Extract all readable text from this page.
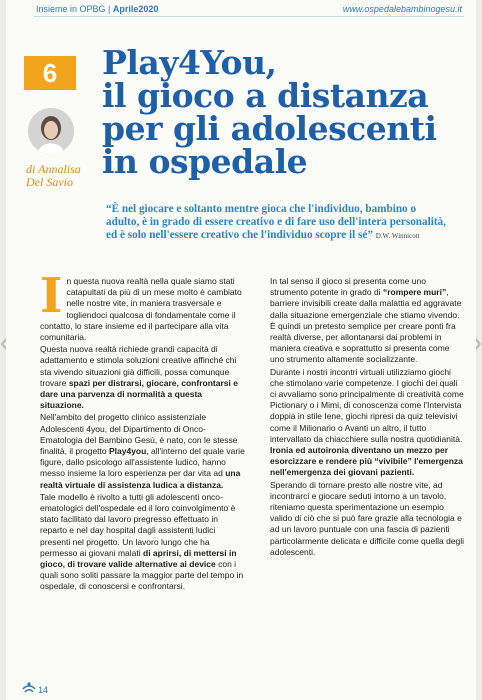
Insieme in OPBG | Aprile2020	www.ospedalebambinogesu.it
6
di Annalisa
Del Savio
Play4You,
il gioco a distanza
per gli adolescenti
in ospedale
“È nel giocare e soltanto mentre gioca che l'individuo, bambino o adulto, è in grado di essere creativo e di fare uso dell'intera personalità, ed è solo nell'essere creativo che l'individuo scopre il sé” D.W. Winnicott

I n questa nuova realtà nella quale siamo stati catapultati da più di un mese molto è cambiato nelle nostre vite, in maniera trasversale e togliendoci qualcosa di fondamentale come il contatto, lo stare insieme ed il partecipare alla vita comunitaria.

Questa nuova realtà richiede grandi capacità di adattamento e stimola soluzioni creative affinché chi sta vivendo situazioni già difficili, possa comunque trovare spazi per distrarsi, giocare, confrontarsi e dare una parvenza di normalità a questa situazione.

Nell'ambito del progetto clinico assistenziale Adolescenti 4you, del Dipartimento di Onco-Ematologia del Bambino Gesù, è nato, con le stesse finalità, il progetto Play4you, all'interno del quale varie figure, dallo psicologo all'assistente ludico, hanno messo insieme la loro esperienza per dar vita ad una realtà virtuale di assistenza ludica a distanza.

Tale modello è rivolto a tutti gli adolescenti onco-ematologici dell'ospedale ed il loro coinvolgimento è stato facilitato dal lavoro pregresso effettuato in reparto e nel day hospital dagli assistenti ludici presenti nel progetto. Un lavoro lungo che ha permesso ai giovani malati di aprirsi, di mettersi in gioco, di trovare valide alternative ai device con i quali sono soliti passare la maggior parte del tempo in ospedale, di conoscersi e confrontarsi.

In tal senso il gioco si presenta come uno strumento potente in grado di “rompere muri”, barriere invisibili create dalla malattia ed aggravate dalla situazione emergenziale che stiamo vivendo. È quindi un pretesto semplice per creare ponti fra realtà diverse, per allontanarsi dai problemi in maniera creativa e soprattutto si presenta come uno strumento altamente socializzante.

Durante i nostri incontri virtuali utilizziamo giochi che stimolano varie competenze. I giochi dei quali ci avvaliamo sono principalmente di creatività come Pictionary o i Mimi, di conoscenza come l'Intervista doppia in stile Iene, giochi ripresi da quiz televisivi come il Milionario o Avanti un altro, il tutto intervallato da chiacchiere sulla nostra quotidianità. Ironia ed autoironia diventano un mezzo per esorcizzare e rendere più “vivibile” l'emergenza nell'emergenza dei giovani pazienti.

Sperando di tornare presto alle nostre vite, ad incontrarci e giocare seduti intorno a un tavolo, riteniamo questa sperimentazione un esempio valido di ciò che si può fare grazie alla tecnologia e ad un lavoro puntuale con una fascia di pazienti particolarmente delicata e difficile come quella degli adolescenti.

14
